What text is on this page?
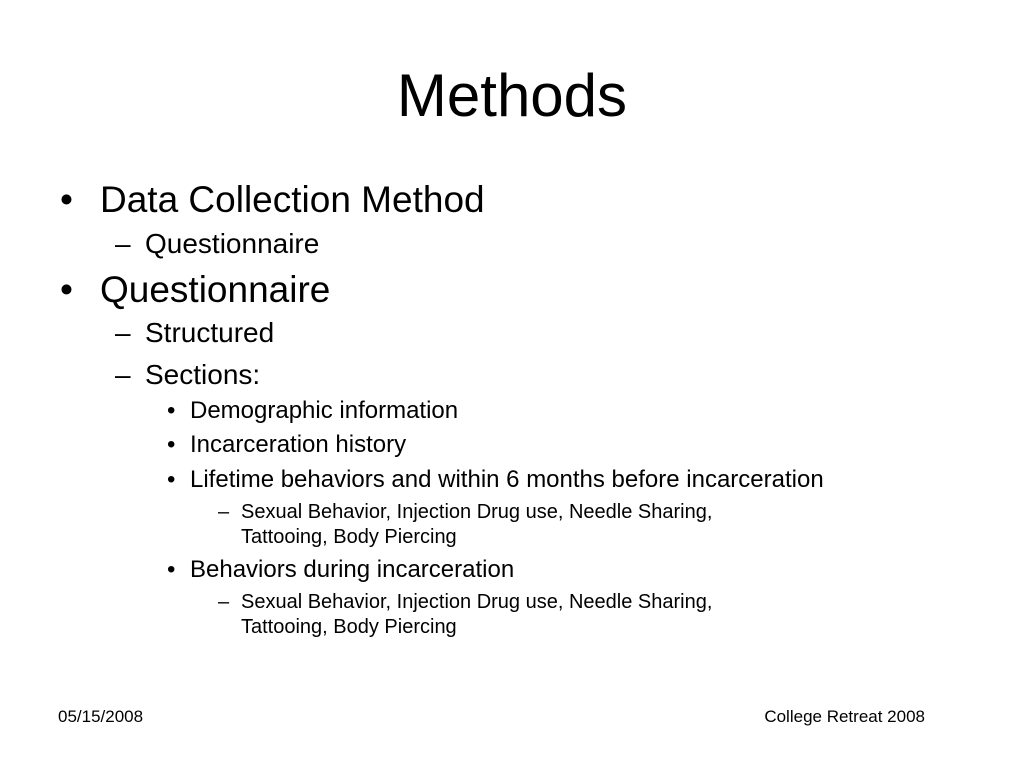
Methods
• Data Collection Method
– Questionnaire
• Questionnaire
– Structured
– Sections:
• Demographic information
• Incarceration history
• Lifetime behaviors and within 6 months before incarceration
– Sexual Behavior, Injection Drug use, Needle Sharing,
Tattooing, Body Piercing
• Behaviors during incarceration
– Sexual Behavior, Injection Drug use, Needle Sharing,
Tattooing, Body Piercing
05/15/2008	College Retreat 2008
